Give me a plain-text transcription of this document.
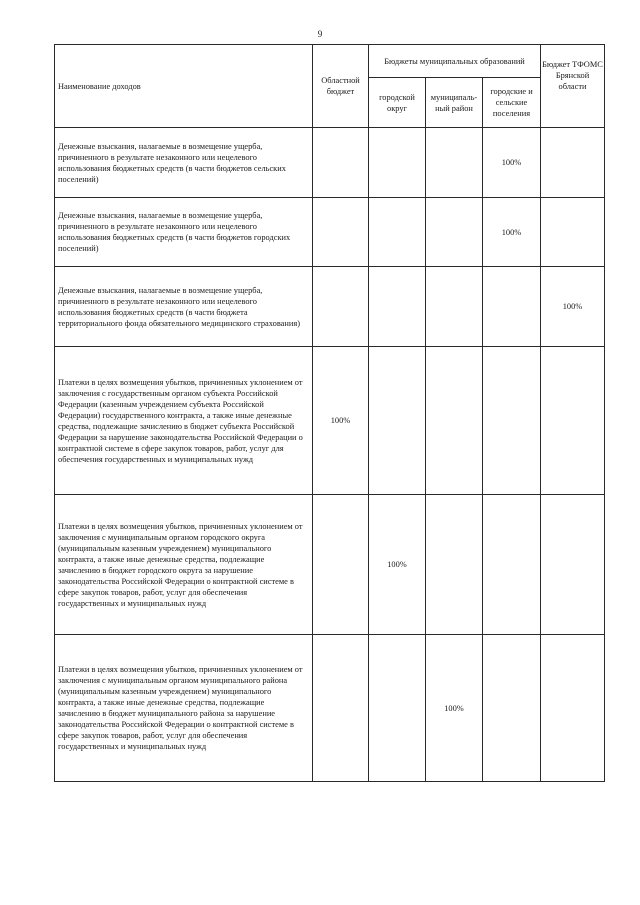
9
Наименование доходов	Областной бюджет	Бюджеты муниципальных образований			Бюджет ТФОМС Брянской области
		городской округ	муниципаль-ный район	городские и сельские поселения	
Денежные взыскания, налагаемые в возмещение ущерба, причиненного в результате незаконного или нецелевого использования бюджетных средств (в части бюджетов сельских поселений)				100%	
Денежные взыскания, налагаемые в возмещение ущерба, причиненного в результате незаконного или нецелевого использования бюджетных средств (в части бюджетов городских поселений)				100%	
Денежные взыскания, налагаемые в возмещение ущерба, причиненного в результате незаконного или нецелевого использования бюджетных средств (в части бюджета территориального фонда обязательного медицинского страхования)					100%
Платежи в целях возмещения убытков, причиненных уклонением от заключения с государственным органом субъекта Российской Федерации (казенным учреждением субъекта Российской Федерации) государственного контракта, а также иные денежные средства, подлежащие зачислению в бюджет субъекта Российской Федерации за нарушение законодательства Российской Федерации о контрактной системе в сфере закупок товаров, работ, услуг для обеспечения государственных и муниципальных нужд	100%				
Платежи в целях возмещения убытков, причиненных уклонением от заключения с муниципальным органом городского округа (муниципальным казенным учреждением) муниципального контракта, а также иные денежные средства, подлежащие зачислению в бюджет городского округа за нарушение законодательства Российской Федерации о контрактной системе в сфере закупок товаров, работ, услуг для обеспечения государственных и муниципальных нужд		100%			
Платежи в целях возмещения убытков, причиненных уклонением от заключения с муниципальным органом муниципального района (муниципальным казенным учреждением) муниципального контракта, а также иные денежные средства, подлежащие зачислению в бюджет муниципального района за нарушение законодательства Российской Федерации о контрактной системе в сфере закупок товаров, работ, услуг для обеспечения государственных и муниципальных нужд			100%		
